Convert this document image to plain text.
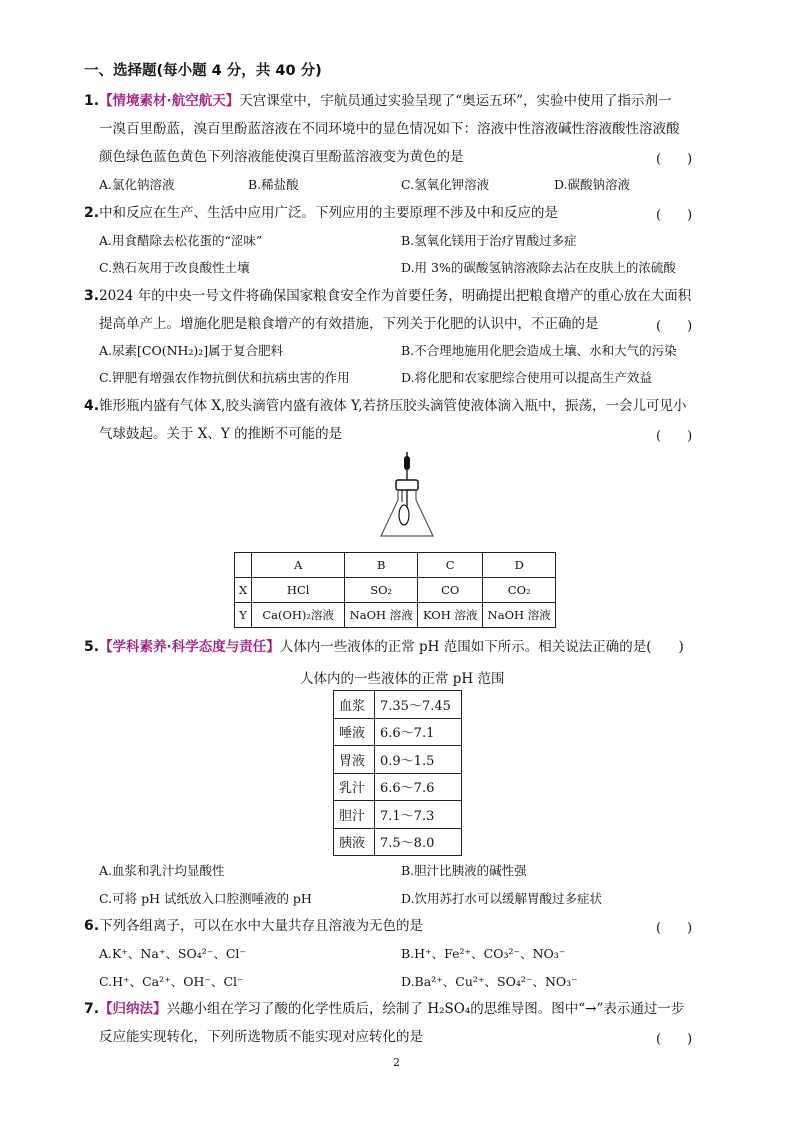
一、选择题(每小题 4 分，共 40 分)
1.【情境素材·航空航天】天宫课堂中，宇航员通过实验呈现了“奥运五环”，实验中使用了指示剂一
一溴百里酚蓝，溴百里酚蓝溶液在不同环境中的显色情况如下：溶液中性溶液碱性溶液酸性溶液酸
颜色绿色蓝色黄色下列溶液能使溴百里酚蓝溶液变为黄色的是	(　　)
A.氯化钠溶液	B.稀盐酸	C.氢氧化钾溶液	D.碳酸钠溶液
2.中和反应在生产、生活中应用广泛。下列应用的主要原理不涉及中和反应的是	(　　)
A.用食醋除去松花蛋的“涩味”	B.氢氧化镁用于治疗胃酸过多症
C.熟石灰用于改良酸性土壤	D.用 3%的碳酸氢钠溶液除去沾在皮肤上的浓硫酸
3.2024 年的中央一号文件将确保国家粮食安全作为首要任务，明确提出把粮食增产的重心放在大面积
提高单产上。增施化肥是粮食增产的有效措施，下列关于化肥的认识中，不正确的是	(　　)
A.尿素[CO(NH₂)₂]属于复合肥料	B.不合理地施用化肥会造成土壤、水和大气的污染
C.钾肥有增强农作物抗倒伏和抗病虫害的作用	D.将化肥和农家肥综合使用可以提高生产效益
4.锥形瓶内盛有气体 X,胶头滴管内盛有液体 Y,若挤压胶头滴管使液体滴入瓶中，振荡，一会儿可见小
气球鼓起。关于 X、Y 的推断不可能的是	(　　)
	A	B	C	D
X	HCl	SO₂	CO	CO₂
Y	Ca(OH)₂溶液	NaOH 溶液	KOH 溶液	NaOH 溶液
5.【学科素养·科学态度与责任】人体内一些液体的正常 pH 范围如下所示。相关说法正确的是(　　)
人体内的一些液体的正常 pH 范围
血浆	7.35～7.45
唾液	6.6～7.1
胃液	0.9～1.5
乳汁	6.6～7.6
胆汁	7.1～7.3
胰液	7.5～8.0
A.血浆和乳汁均显酸性	B.胆汁比胰液的碱性强
C.可将 pH 试纸放入口腔测唾液的 pH	D.饮用苏打水可以缓解胃酸过多症状
6.下列各组离子，可以在水中大量共存且溶液为无色的是	(　　)
A.K⁺、Na⁺、SO₄²⁻、Cl⁻	B.H⁺、Fe²⁺、CO₃²⁻、NO₃⁻
C.H⁺、Ca²⁺、OH⁻、Cl⁻	D.Ba²⁺、Cu²⁺、SO₄²⁻、NO₃⁻
7.【归纳法】兴趣小组在学习了酸的化学性质后，绘制了 H₂SO₄的思维导图。图中“→”表示通过一步
反应能实现转化，下列所选物质不能实现对应转化的是	(　　)
2
